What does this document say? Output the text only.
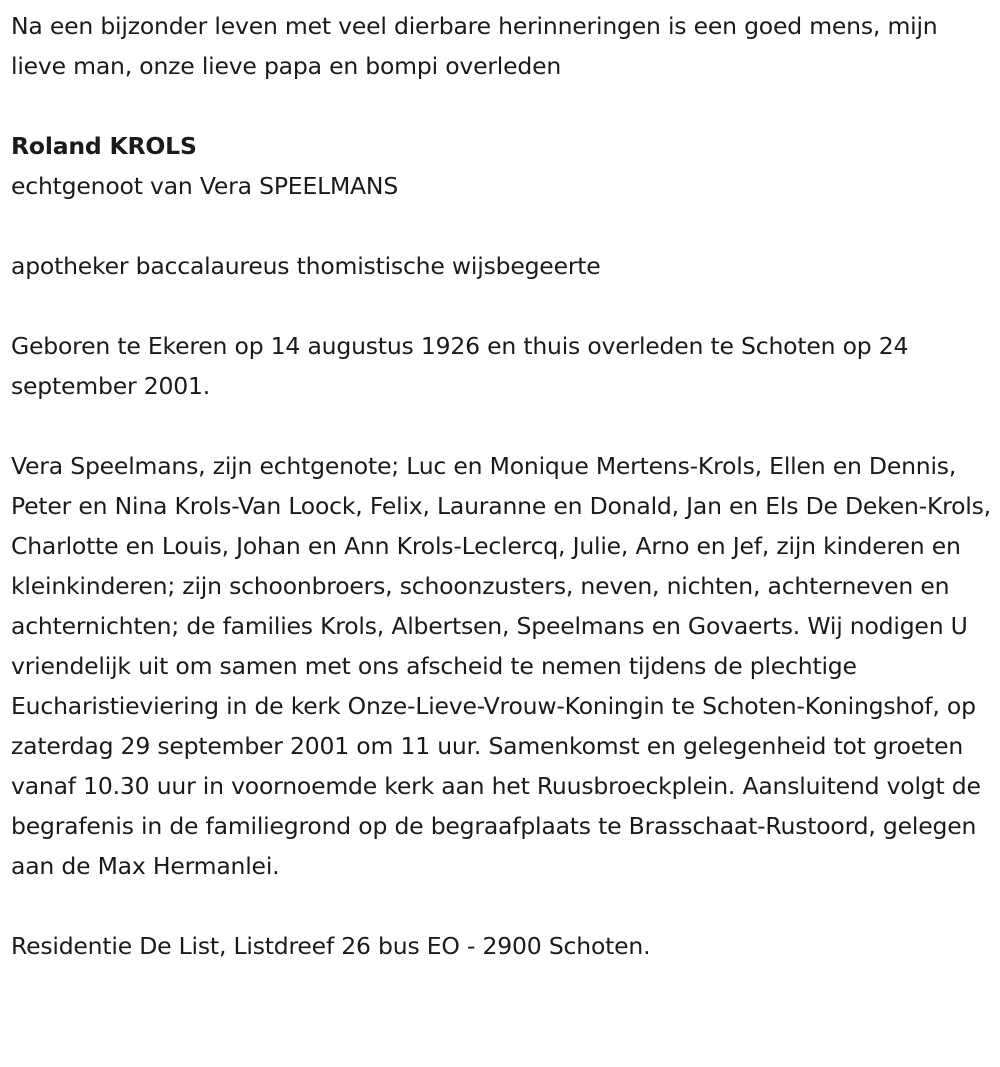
Na een bijzonder leven met veel dierbare herinneringen is een goed mens, mijn lieve man, onze lieve papa en bompi overleden

Roland KROLS

echtgenoot van Vera SPEELMANS

apotheker baccalaureus thomistische wijsbegeerte

Geboren te Ekeren op 14 augustus 1926 en thuis overleden te Schoten op 24 september 2001.

Vera Speelmans, zijn echtgenote; Luc en Monique Mertens-Krols, Ellen en Dennis, Peter en Nina Krols-Van Loock, Felix, Lauranne en Donald, Jan en Els De Deken-Krols, Charlotte en Louis, Johan en Ann Krols-Leclercq, Julie, Arno en Jef, zijn kinderen en kleinkinderen; zijn schoonbroers, schoonzusters, neven, nichten, achterneven en achternichten; de families Krols, Albertsen, Speelmans en Govaerts. Wij nodigen U vriendelijk uit om samen met ons afscheid te nemen tijdens de plechtige Eucharistieviering in de kerk Onze-Lieve-Vrouw-Koningin te Schoten-Koningshof, op zaterdag 29 september 2001 om 11 uur. Samenkomst en gelegenheid tot groeten vanaf 10.30 uur in voornoemde kerk aan het Ruusbroeckplein. Aansluitend volgt de begrafenis in de familiegrond op de begraafplaats te Brasschaat-Rustoord, gelegen aan de Max Hermanlei.

Residentie De List, Listdreef 26 bus EO - 2900 Schoten.
